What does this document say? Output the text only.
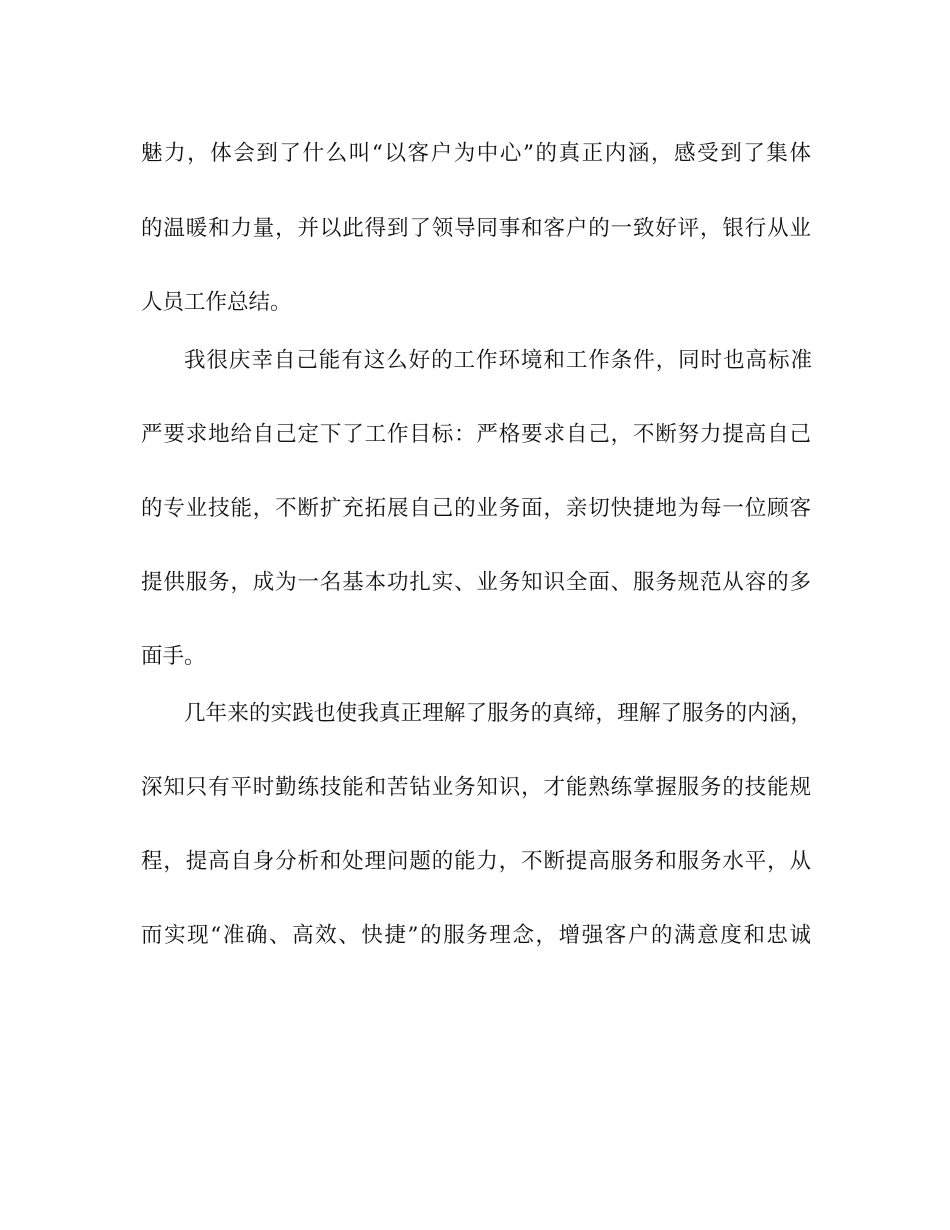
魅力，体会到了什么叫“以客户为中心”的真正内涵，感受到了集体
的温暖和力量，并以此得到了领导同事和客户的一致好评，银行从业
人员工作总结。
我很庆幸自己能有这么好的工作环境和工作条件，同时也高标准
严要求地给自己定下了工作目标：严格要求自己，不断努力提高自己
的专业技能，不断扩充拓展自己的业务面，亲切快捷地为每一位顾客
提供服务，成为一名基本功扎实、业务知识全面、服务规范从容的多
面手。
几年来的实践也使我真正理解了服务的真缔，理解了服务的内涵，
深知只有平时勤练技能和苦钻业务知识，才能熟练掌握服务的技能规
程，提高自身分析和处理问题的能力，不断提高服务和服务水平，从
而实现“准确、高效、快捷”的服务理念，增强客户的满意度和忠诚
